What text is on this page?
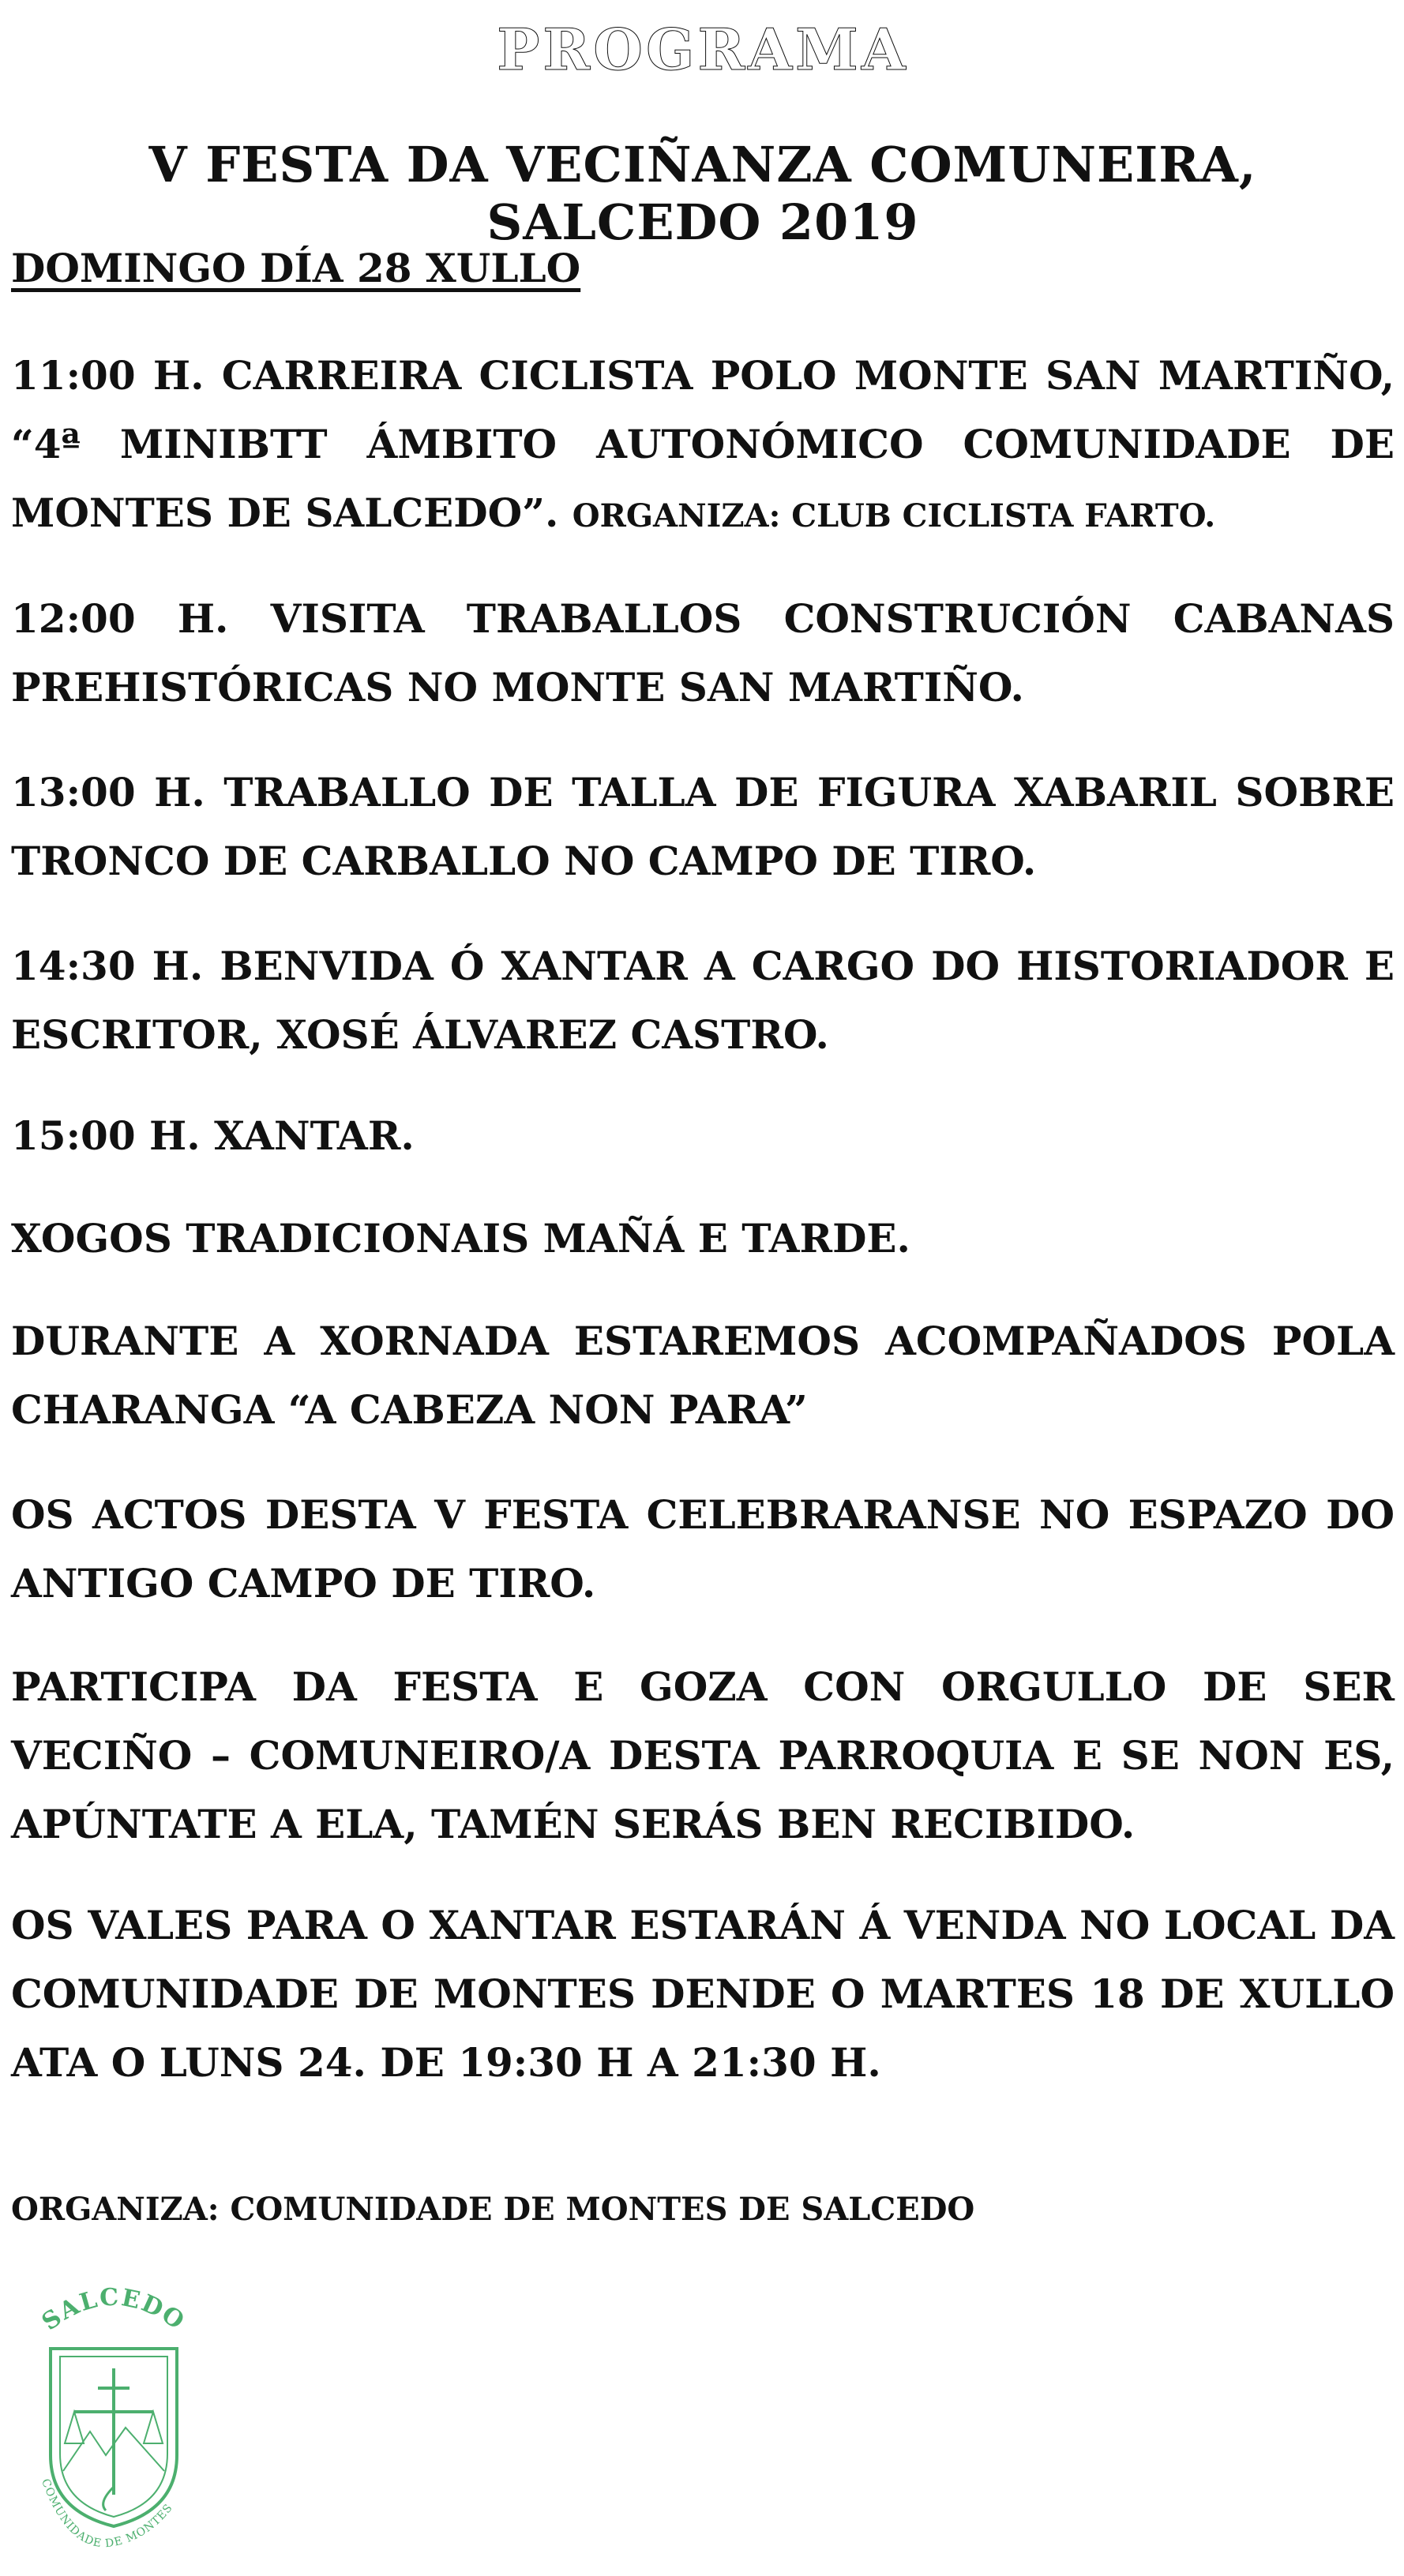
PROGRAMA
V FESTA DA VECIÑANZA COMUNEIRA, SALCEDO 2019
DOMINGO DÍA 28 XULLO
11:00 H. CARREIRA CICLISTA POLO MONTE SAN MARTIÑO, “4ª MINIBTT ÁMBITO AUTONÓMICO COMUNIDADE DE MONTES DE SALCEDO”. ORGANIZA: CLUB CICLISTA FARTO.
12:00 H. VISITA TRABALLOS CONSTRUCIÓN CABANAS PREHISTÓRICAS NO MONTE SAN MARTIÑO.
13:00 H. TRABALLO DE TALLA DE FIGURA XABARIL SOBRE TRONCO DE CARBALLO NO CAMPO DE TIRO.
14:30 H. BENVIDA Ó XANTAR A CARGO DO HISTORIADOR E ESCRITOR, XOSÉ ÁLVAREZ CASTRO.
15:00 H. XANTAR.
XOGOS TRADICIONAIS MAÑÁ E TARDE.
DURANTE A XORNADA ESTAREMOS ACOMPAÑADOS POLA CHARANGA “A CABEZA NON PARA”
OS ACTOS DESTA V FESTA CELEBRARANSE NO ESPAZO DO ANTIGO CAMPO DE TIRO.
PARTICIPA DA FESTA E GOZA CON ORGULLO DE SER VECIÑO – COMUNEIRO/A DESTA PARROQUIA E SE NON ES, APÚNTATE A ELA, TAMÉN SERÁS BEN RECIBIDO.
OS VALES PARA O XANTAR ESTARÁN Á VENDA NO LOCAL DA COMUNIDADE DE MONTES DENDE O MARTES 18 DE XULLO ATA O LUNS 24. DE 19:30 H A 21:30 H.
ORGANIZA: COMUNIDADE DE MONTES DE SALCEDO
SALCEDO
COMUNIDADE DE MONTES
